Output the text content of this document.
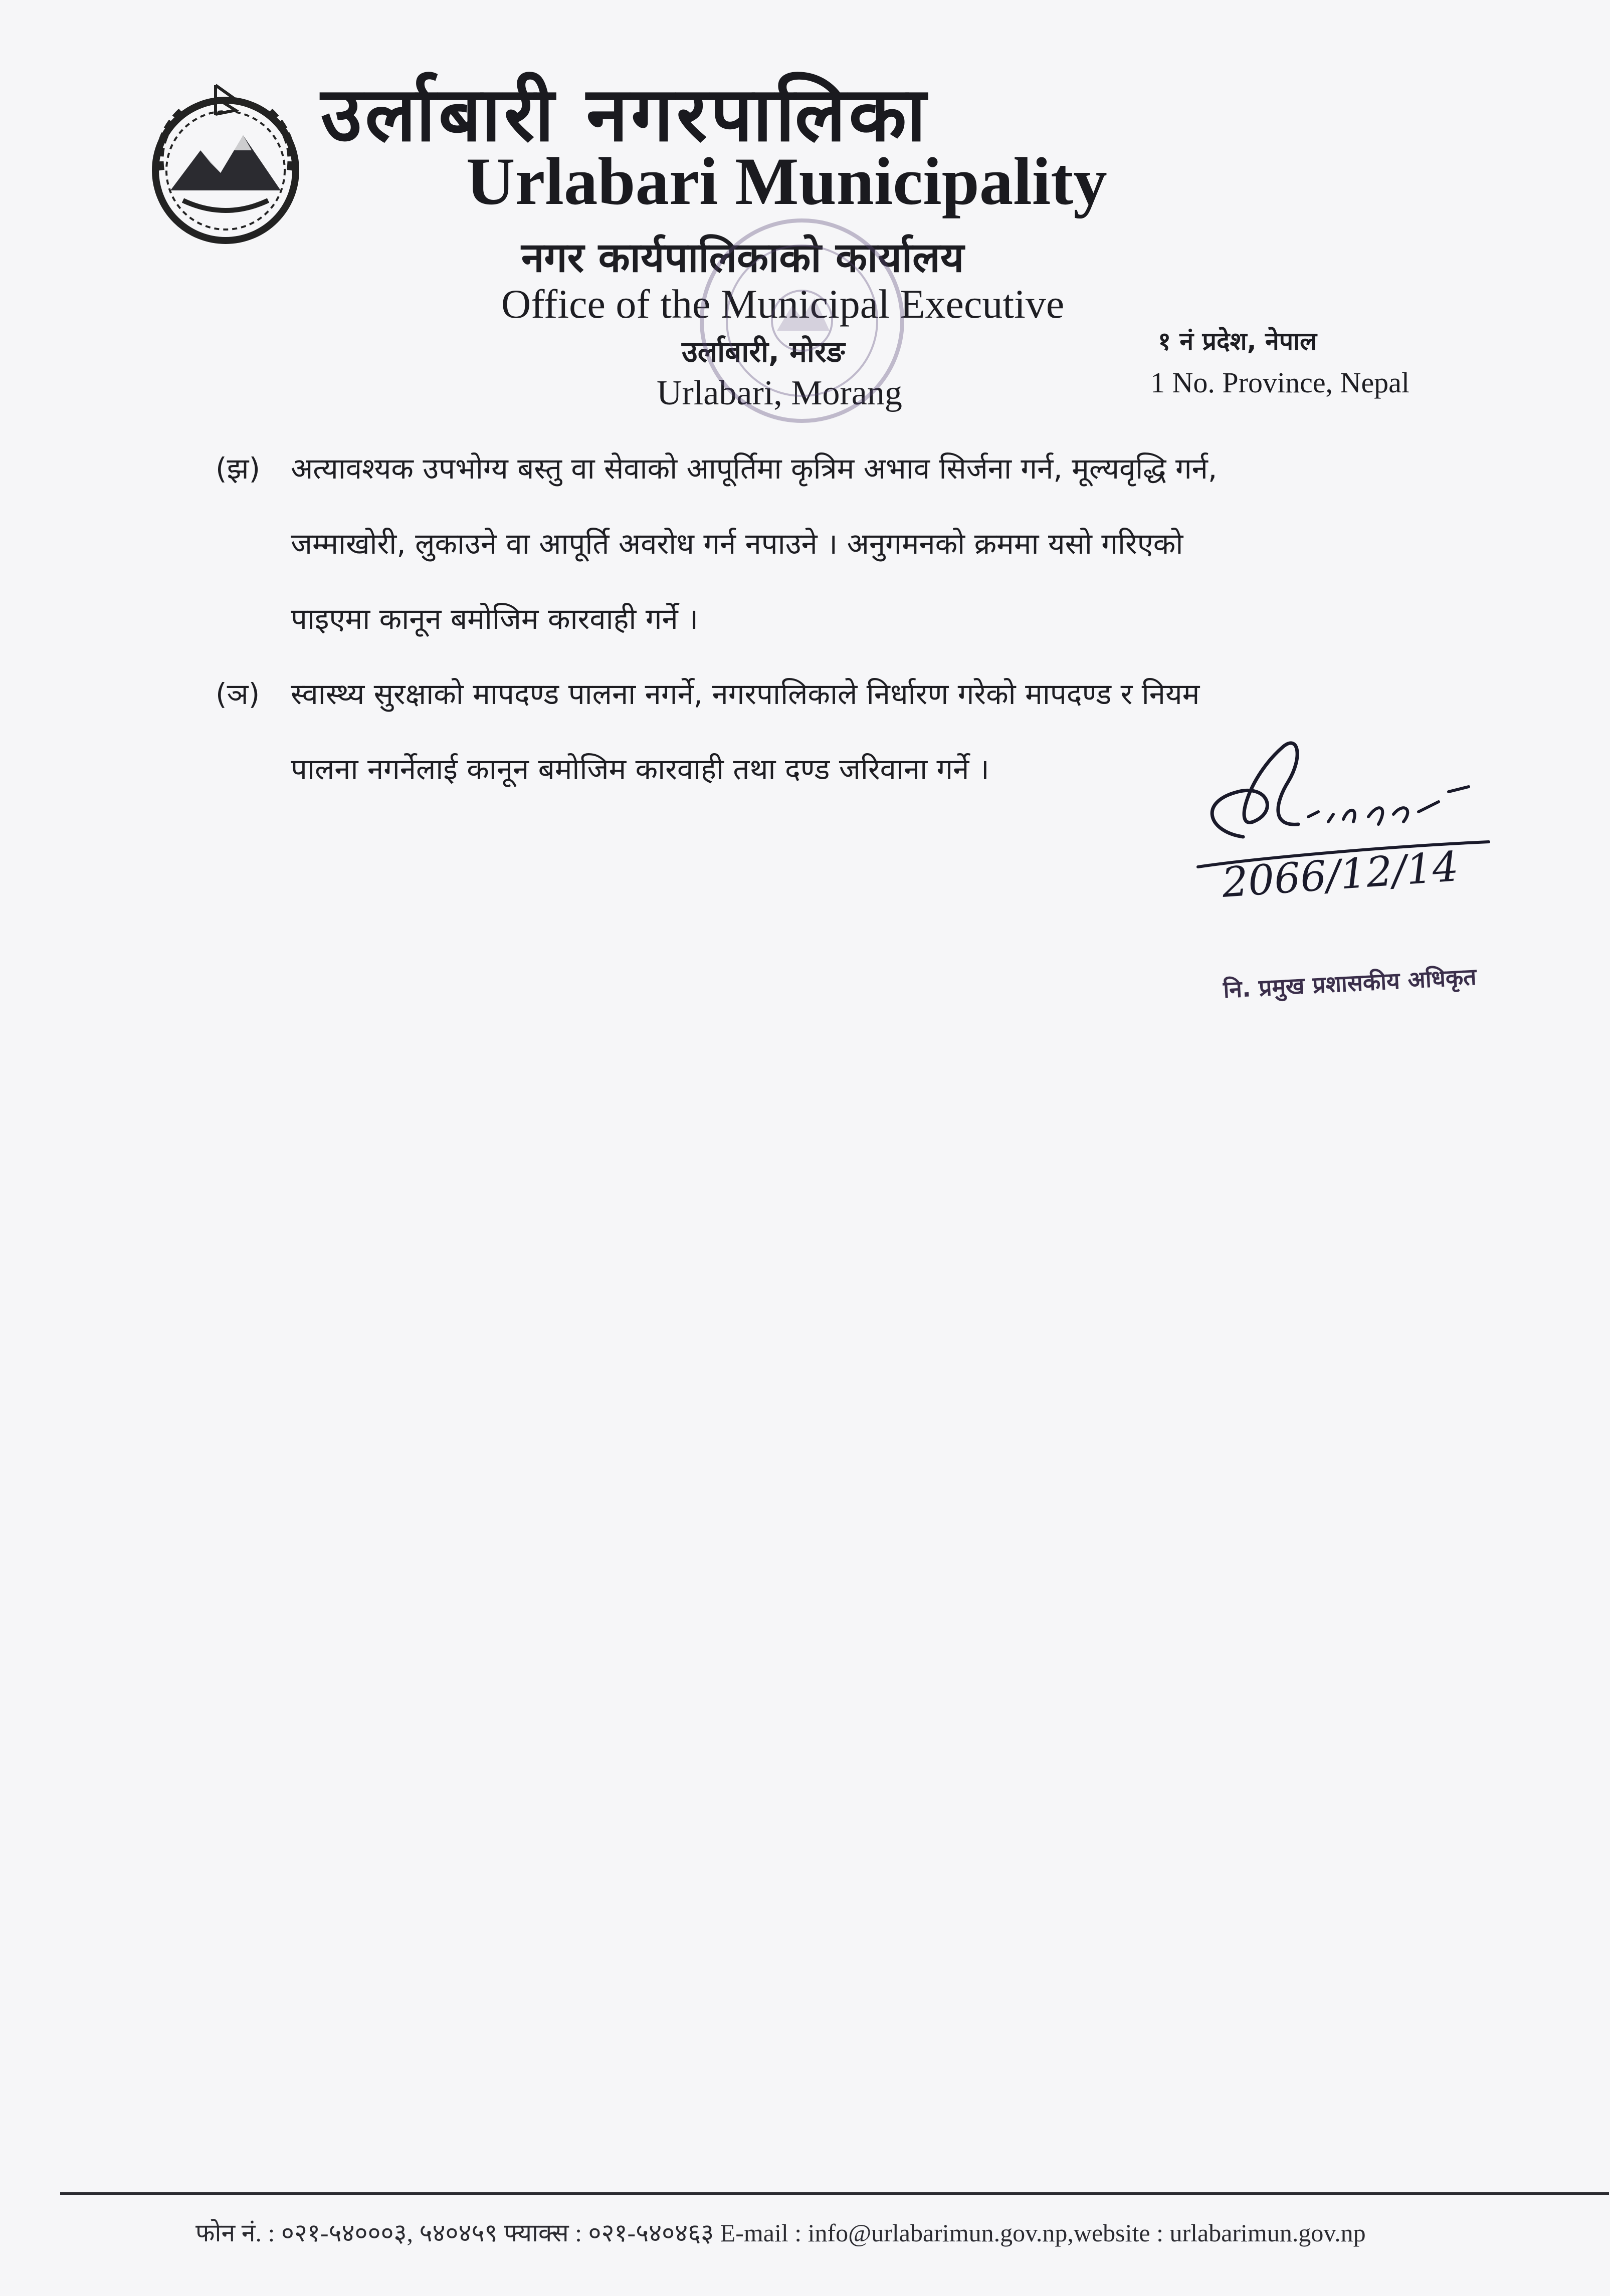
उर्लाबारी नगरपालिका
Urlabari Municipality
नगर कार्यपालिकाको कार्यालय
Office of the Municipal Executive
उर्लाबारी, मोरङ
Urlabari, Morang
१ नं प्रदेश, नेपाल
1 No. Province, Nepal
(झ) अत्यावश्यक उपभोग्य बस्तु वा सेवाको आपूर्तिमा कृत्रिम अभाव सिर्जना गर्न, मूल्यवृद्धि गर्न,
जम्माखोरी, लुकाउने वा आपूर्ति अवरोध गर्न नपाउने । अनुगमनको क्रममा यसो गरिएको
पाइएमा कानून बमोजिम कारवाही गर्ने ।
(ञ) स्वास्थ्य सुरक्षाको मापदण्ड पालना नगर्ने, नगरपालिकाले निर्धारण गरेको मापदण्ड र नियम
पालना नगर्नेलाई कानून बमोजिम कारवाही तथा दण्ड जरिवाना गर्ने ।
2066/12/14
नि. प्रमुख प्रशासकीय अधिकृत
फोन नं. : ०२१-५४०००३, ५४०४५९ फ्याक्स : ०२१-५४०४६३ E-mail : info@urlabarimun.gov.np,website : urlabarimun.gov.np
